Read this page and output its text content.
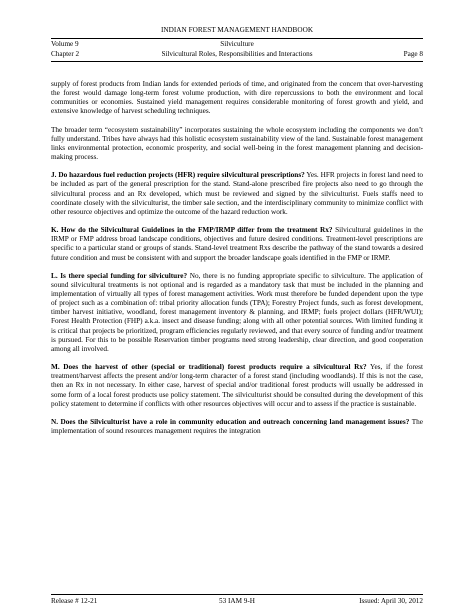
INDIAN FOREST MANAGEMENT HANDBOOK
Volume 9	Silviculture
Chapter 2	Silvicultural Roles, Responsibilities and Interactions	Page 8

supply of forest products from Indian lands for extended periods of time, and originated from the concern that over-harvesting the forest would damage long-term forest volume production, with dire repercussions to both the environment and local communities or economies. Sustained yield management requires considerable monitoring of forest growth and yield, and extensive knowledge of harvest scheduling techniques.

The broader term “ecosystem sustainability” incorporates sustaining the whole ecosystem including the components we don’t fully understand. Tribes have always had this holistic ecosystem sustainability view of the land. Sustainable forest management links environmental protection, economic prosperity, and social well-being in the forest management planning and decision-making process.

J. Do hazardous fuel reduction projects (HFR) require silvicultural prescriptions? Yes. HFR projects in forest land need to be included as part of the general prescription for the stand. Stand-alone prescribed fire projects also need to go through the silvicultural process and an Rx developed, which must be reviewed and signed by the silviculturist. Fuels staffs need to coordinate closely with the silviculturist, the timber sale section, and the interdisciplinary community to minimize conflict with other resource objectives and optimize the outcome of the hazard reduction work.

K. How do the Silvicultural Guidelines in the FMP/IRMP differ from the treatment Rx? Silvicultural guidelines in the IRMP or FMP address broad landscape conditions, objectives and future desired conditions. Treatment-level prescriptions are specific to a particular stand or groups of stands. Stand-level treatment Rxs describe the pathway of the stand towards a desired future condition and must be consistent with and support the broader landscape goals identified in the FMP or IRMP.

L. Is there special funding for silviculture? No, there is no funding appropriate specific to silviculture. The application of sound silvicultural treatments is not optional and is regarded as a mandatory task that must be included in the planning and implementation of virtually all types of forest management activities. Work must therefore be funded dependent upon the type of project such as a combination of: tribal priority allocation funds (TPA); Forestry Project funds, such as forest development, timber harvest initiative, woodland, forest management inventory & planning, and IRMP; fuels project dollars (HFR/WUI); Forest Health Protection (FHP) a.k.a. insect and disease funding; along with all other potential sources. With limited funding it is critical that projects be prioritized, program efficiencies regularly reviewed, and that every source of funding and/or treatment is pursued. For this to be possible Reservation timber programs need strong leadership, clear direction, and good cooperation among all involved.

M. Does the harvest of other (special or traditional) forest products require a silvicultural Rx? Yes, if the forest treatment/harvest affects the present and/or long-term character of a forest stand (including woodlands). If this is not the case, then an Rx in not necessary. In either case, harvest of special and/or traditional forest products will usually be addressed in some form of a local forest products use policy statement. The silviculturist should be consulted during the development of this policy statement to determine if conflicts with other resources objectives will occur and to assess if the practice is sustainable.

N. Does the Silviculturist have a role in community education and outreach concerning land management issues? The implementation of sound resources management requires the integration

Release # 12-21	53 IAM 9-H	Issued: April 30, 2012
